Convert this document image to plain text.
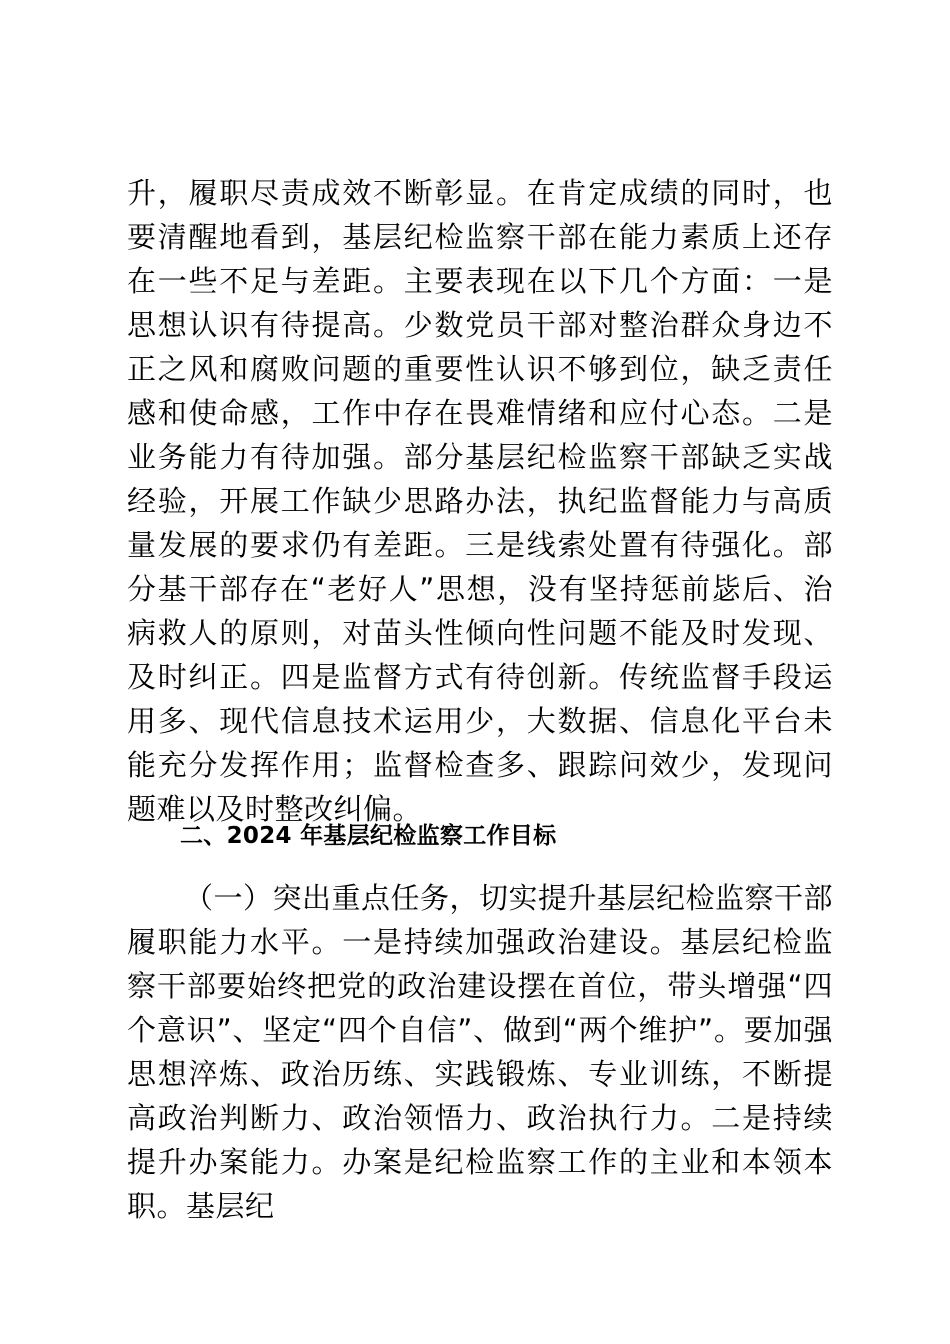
升，履职尽责成效不断彰显。在肯定成绩的同时，也要清醒地看到，基层纪检监察干部在能力素质上还存在一些不足与差距。主要表现在以下几个方面：一是思想认识有待提高。少数党员干部对整治群众身边不正之风和腐败问题的重要性认识不够到位，缺乏责任感和使命感，工作中存在畏难情绪和应付心态。二是业务能力有待加强。部分基层纪检监察干部缺乏实战经验，开展工作缺少思路办法，执纪监督能力与高质量发展的要求仍有差距。三是线索处置有待强化。部分基干部存在“老好人”思想，没有坚持惩前毖后、治病救人的原则，对苗头性倾向性问题不能及时发现、及时纠正。四是监督方式有待创新。传统监督手段运用多、现代信息技术运用少，大数据、信息化平台未能充分发挥作用；监督检查多、跟踪问效少，发现问题难以及时整改纠偏。

二、2024 年基层纪检监察工作目标

（一）突出重点任务，切实提升基层纪检监察干部履职能力水平。一是持续加强政治建设。基层纪检监察干部要始终把党的政治建设摆在首位，带头增强“四个意识”、坚定“四个自信”、做到“两个维护”。要加强思想淬炼、政治历练、实践锻炼、专业训练，不断提高政治判断力、政治领悟力、政治执行力。二是持续提升办案能力。办案是纪检监察工作的主业和本领本职。基层纪
